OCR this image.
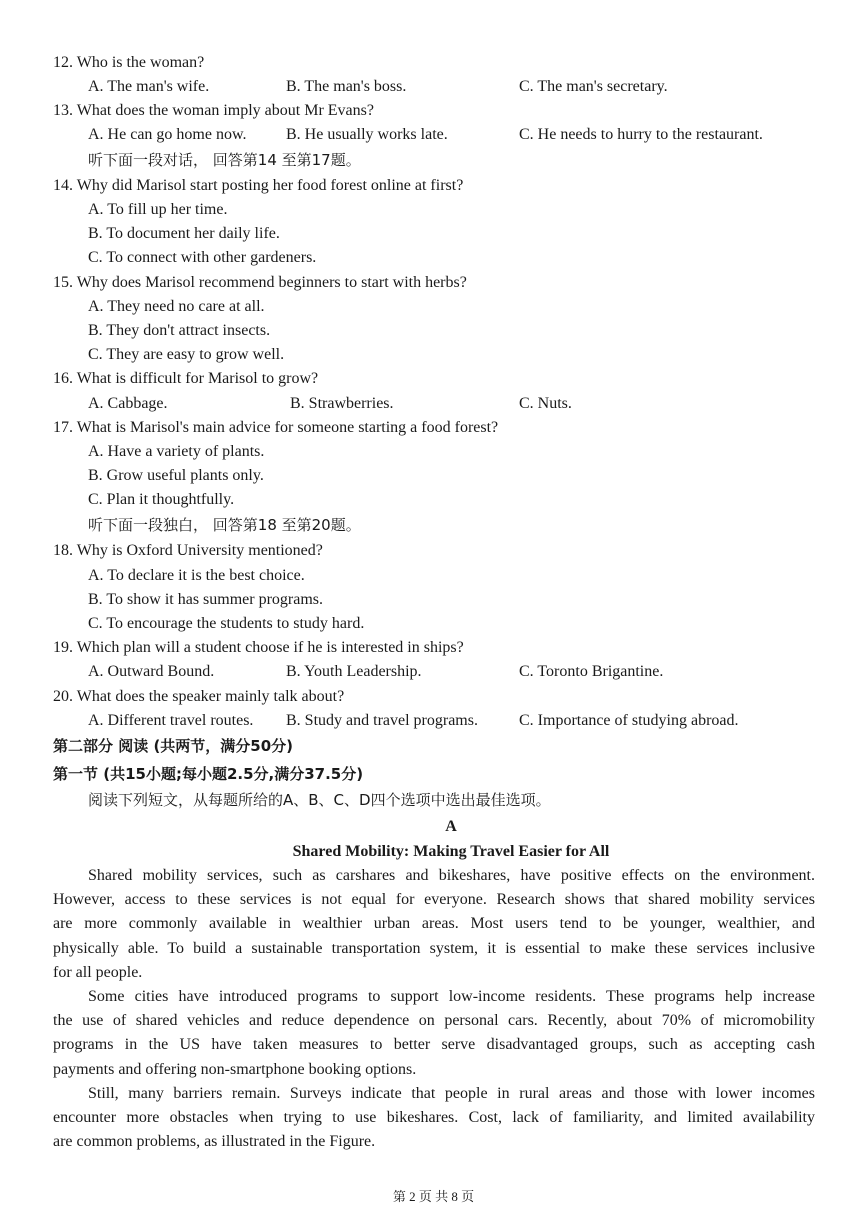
12. Who is the woman?
A. The man's wife.	B. The man's boss.	C. The man's secretary.
13. What does the woman imply about Mr Evans?
A. He can go home now. B. He usually works late.	C. He needs to hurry to the restaurant.
听下面一段对话， 回答第14 至第17题。
14. Why did Marisol start posting her food forest online at first?
A. To fill up her time.
B. To document her daily life.
C. To connect with other gardeners.
15. Why does Marisol recommend beginners to start with herbs?
A. They need no care at all.
B. They don't attract insects.
C. They are easy to grow well.
16. What is difficult for Marisol to grow?
A. Cabbage.	B. Strawberries.	C. Nuts.
17. What is Marisol's main advice for someone starting a food forest?
A. Have a variety of plants.
B. Grow useful plants only.
C. Plan it thoughtfully.
听下面一段独白， 回答第18 至第20题。
18. Why is Oxford University mentioned?
A. To declare it is the best choice.
B. To show it has summer programs.
C. To encourage the students to study hard.
19. Which plan will a student choose if he is interested in ships?
A. Outward Bound.	B. Youth Leadership.	C. Toronto Brigantine.
20. What does the speaker mainly talk about?
A. Different travel routes. B. Study and travel programs.	C. Importance of studying abroad.
第二部分 阅读 (共两节，满分50分)
第一节 (共15小题;每小题2.5分,满分37.5分)
阅读下列短文，从每题所给的A、B、C、D四个选项中选出最佳选项。
A
Shared Mobility: Making Travel Easier for All
Shared mobility services, such as carshares and bikeshares, have positive effects on the environment.
However, access to these services is not equal for everyone. Research shows that shared mobility services
are more commonly available in wealthier urban areas. Most users tend to be younger, wealthier, and
physically able. To build a sustainable transportation system, it is essential to make these services inclusive
for all people.
Some cities have introduced programs to support low-income residents. These programs help increase
the use of shared vehicles and reduce dependence on personal cars. Recently, about 70% of micromobility
programs in the US have taken measures to better serve disadvantaged groups, such as accepting cash
payments and offering non-smartphone booking options.
Still, many barriers remain. Surveys indicate that people in rural areas and those with lower incomes
encounter more obstacles when trying to use bikeshares. Cost, lack of familiarity, and limited availability
are common problems, as illustrated in the Figure.
第 2 页 共 8 页
